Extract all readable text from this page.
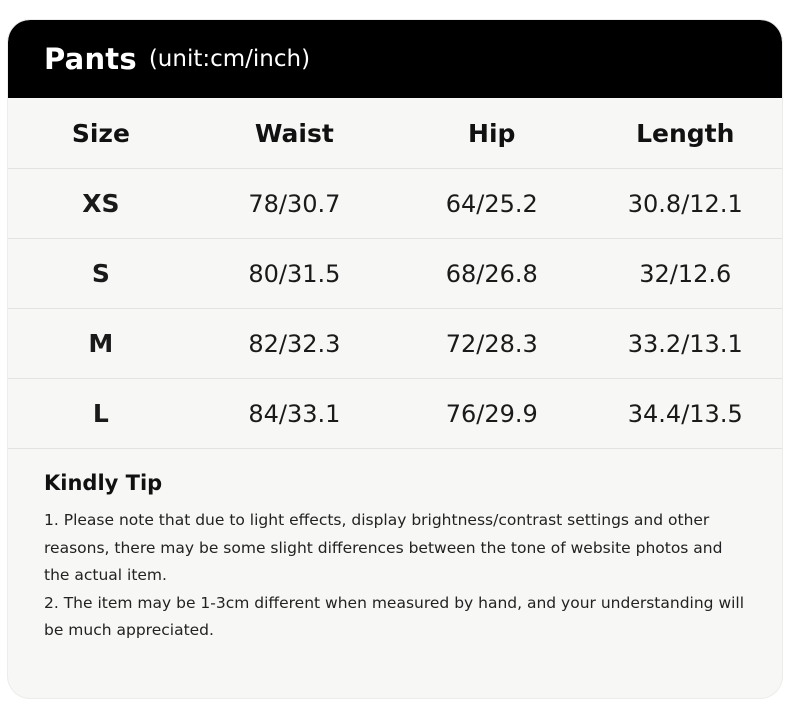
Pants (unit:cm/inch)
Size	Waist	Hip	Length
XS	78/30.7	64/25.2	30.8/12.1
S	80/31.5	68/26.8	32/12.6
M	82/32.3	72/28.3	33.2/13.1
L	84/33.1	76/29.9	34.4/13.5
Kindly Tip
1. Please note that due to light effects, display brightness/contrast settings and other reasons, there may be some slight differences between the tone of website photos and the actual item.
2. The item may be 1-3cm different when measured by hand, and your understanding will be much appreciated.
